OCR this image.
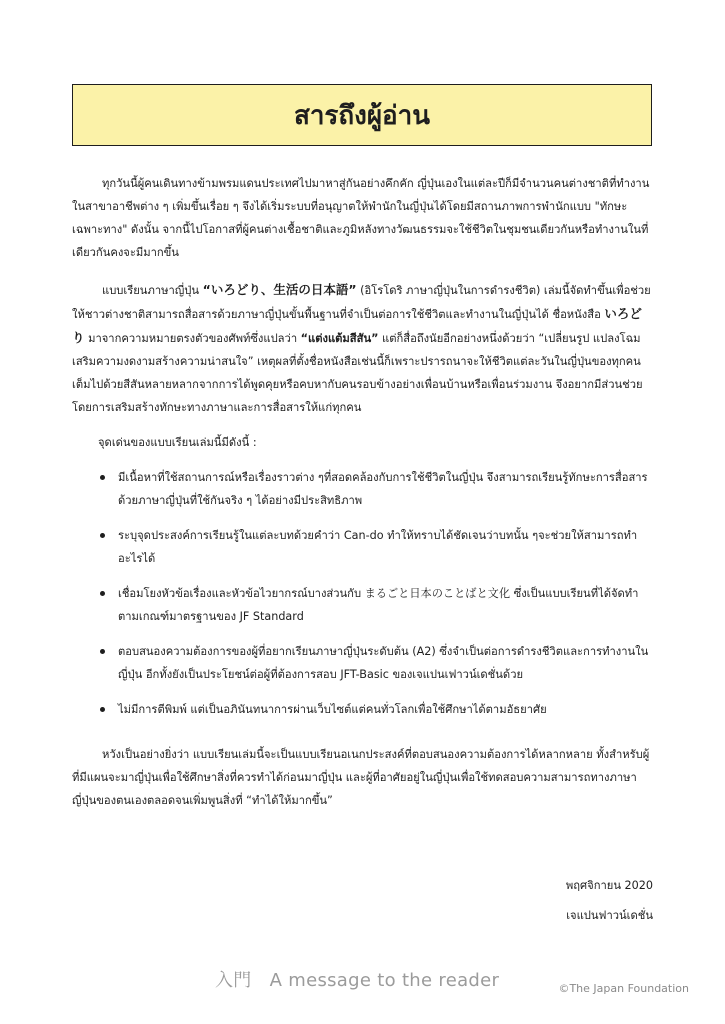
สารถึงผู้อ่าน

ทุกวันนี้ผู้คนเดินทางข้ามพรมแดนประเทศไปมาหาสู่กันอย่างคึกคัก ญี่ปุ่นเองในแต่ละปีก็มีจำนวนคนต่างชาติที่ทำงานในสาขาอาชีพต่าง ๆ เพิ่มขึ้นเรื่อย ๆ จึงได้เริ่มระบบที่อนุญาตให้พำนักในญี่ปุ่นได้โดยมีสถานภาพการพำนักแบบ "ทักษะเฉพาะทาง" ดังนั้น จากนี้ไปโอกาสที่ผู้คนต่างเชื้อชาติและภูมิหลังทางวัฒนธรรมจะใช้ชีวิตในชุมชนเดียวกันหรือทำงานในที่เดียวกันคงจะมีมากขึ้น

แบบเรียนภาษาญี่ปุ่น “いろどり、生活の日本語” (อิโรโดริ ภาษาญี่ปุ่นในการดำรงชีวิต) เล่มนี้จัดทำขึ้นเพื่อช่วยให้ชาวต่างชาติสามารถสื่อสารด้วยภาษาญี่ปุ่นขั้นพื้นฐานที่จำเป็นต่อการใช้ชีวิตและทำงานในญี่ปุ่นได้ ชื่อหนังสือ いろどり มาจากความหมายตรงตัวของศัพท์ซึ่งแปลว่า “แต่งแต้มสีสัน” แต่ก็สื่อถึงนัยอีกอย่างหนึ่งด้วยว่า “เปลี่ยนรูป แปลงโฉม เสริมความงดงามสร้างความน่าสนใจ” เหตุผลที่ตั้งชื่อหนังสือเช่นนี้ก็เพราะปรารถนาจะให้ชีวิตแต่ละวันในญี่ปุ่นของทุกคนเต็มไปด้วยสีสันหลายหลากจากการได้พูดคุยหรือคบหากับคนรอบข้างอย่างเพื่อนบ้านหรือเพื่อนร่วมงาน จึงอยากมีส่วนช่วยโดยการเสริมสร้างทักษะทางภาษาและการสื่อสารให้แก่ทุกคน

จุดเด่นของแบบเรียนเล่มนี้มีดังนี้ :

มีเนื้อหาที่ใช้สถานการณ์หรือเรื่องราวต่าง ๆที่สอดคล้องกับการใช้ชีวิตในญี่ปุ่น จึงสามารถเรียนรู้ทักษะการสื่อสารด้วยภาษาญี่ปุ่นที่ใช้กันจริง ๆ ได้อย่างมีประสิทธิภาพ
ระบุจุดประสงค์การเรียนรู้ในแต่ละบทด้วยคำว่า Can-do ทำให้ทราบได้ชัดเจนว่าบทนั้น ๆจะช่วยให้สามารถทำอะไรได้
เชื่อมโยงหัวข้อเรื่องและหัวข้อไวยากรณ์บางส่วนกับ まるごと日本のことばと文化 ซึ่งเป็นแบบเรียนที่ได้จัดทำตามเกณฑ์มาตรฐานของ JF Standard
ตอบสนองความต้องการของผู้ที่อยากเรียนภาษาญี่ปุ่นระดับต้น (A2) ซึ่งจำเป็นต่อการดำรงชีวิตและการทำงานในญี่ปุ่น อีกทั้งยังเป็นประโยชน์ต่อผู้ที่ต้องการสอบ JFT-Basic ของเจแปนเฟาวน์เดชั่นด้วย
ไม่มีการตีพิมพ์ แต่เป็นอภินันทนาการผ่านเว็บไซต์แต่คนทั่วโลกเพื่อใช้ศึกษาได้ตามอัธยาศัย

หวังเป็นอย่างยิ่งว่า แบบเรียนเล่มนี้จะเป็นแบบเรียนอเนกประสงค์ที่ตอบสนองความต้องการได้หลากหลาย ทั้งสำหรับผู้ที่มีแผนจะมาญี่ปุ่นเพื่อใช้ศึกษาสิ่งที่ควรทำได้ก่อนมาญี่ปุ่น และผู้ที่อาศัยอยู่ในญี่ปุ่นเพื่อใช้ทดสอบความสามารถทางภาษาญี่ปุ่นของตนเองตลอดจนเพิ่มพูนสิ่งที่ “ทำได้ให้มากขึ้น”

พฤศจิกายน 2020
เจแปนฟาวน์เดชั่น
入門 A message to the reader	©The Japan Foundation
